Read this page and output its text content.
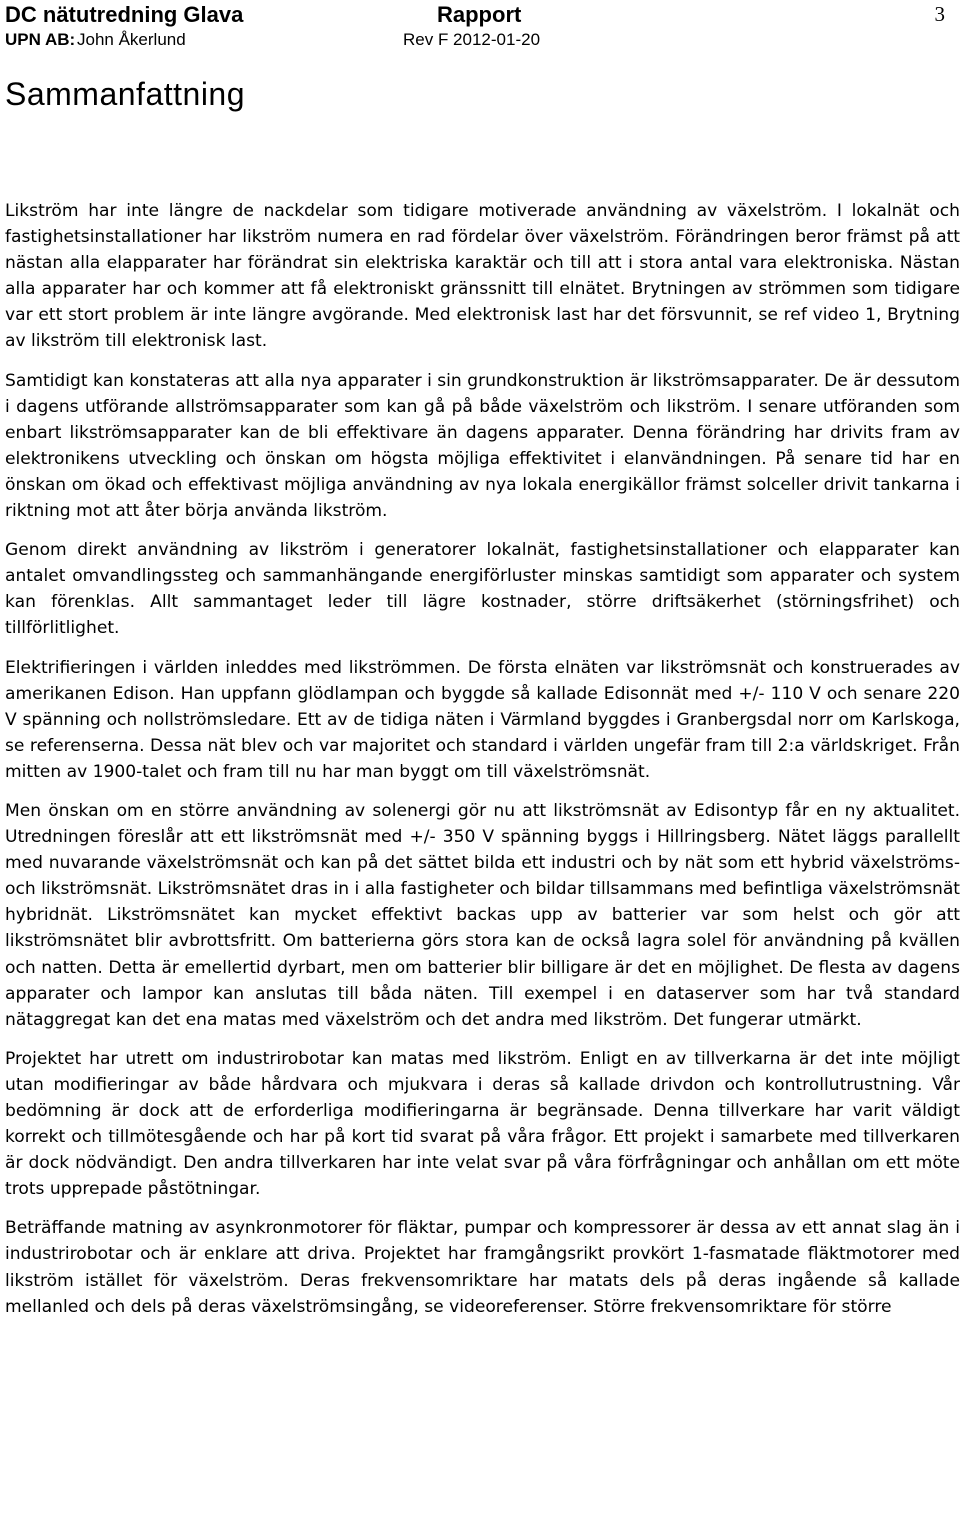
DC nätutredning Glava	Rapport	3
UPN AB: John Åkerlund	Rev F 2012-01-20
Sammanfattning

Likström har inte längre de nackdelar som tidigare motiverade användning av växelström. I lokalnät och fastighetsinstallationer har likström numera en rad fördelar över växelström. Förändringen beror främst på att nästan alla elapparater har förändrat sin elektriska karaktär och till att i stora antal vara elektroniska. Nästan alla apparater har och kommer att få elektroniskt gränssnitt till elnätet. Brytningen av strömmen som tidigare var ett stort problem är inte längre avgörande. Med elektronisk last har det försvunnit, se ref video 1, Brytning av likström till elektronisk last.

Samtidigt kan konstateras att alla nya apparater i sin grundkonstruktion är likströmsapparater. De är dessutom i dagens utförande allströmsapparater som kan gå på både växelström och likström. I senare utföranden som enbart likströmsapparater kan de bli effektivare än dagens apparater. Denna förändring har drivits fram av elektronikens utveckling och önskan om högsta möjliga effektivitet i elanvändningen. På senare tid har en önskan om ökad och effektivast möjliga användning av nya lokala energikällor främst solceller drivit tankarna i riktning mot att åter börja använda likström.

Genom direkt användning av likström i generatorer lokalnät, fastighetsinstallationer och elapparater kan antalet omvandlingssteg och sammanhängande energiförluster minskas samtidigt som apparater och system kan förenklas. Allt sammantaget leder till lägre kostnader, större driftsäkerhet (störningsfrihet) och tillförlitlighet.

Elektrifieringen i världen inleddes med likströmmen. De första elnäten var likströmsnät och konstruerades av amerikanen Edison. Han uppfann glödlampan och byggde så kallade Edisonnät med +/- 110 V och senare 220 V spänning och nollströmsledare. Ett av de tidiga näten i Värmland byggdes i Granbergsdal norr om Karlskoga, se referenserna. Dessa nät blev och var majoritet och standard i världen ungefär fram till 2:a världskriget. Från mitten av 1900-talet och fram till nu har man byggt om till växelströmsnät.

Men önskan om en större användning av solenergi gör nu att likströmsnät av Edisontyp får en ny aktualitet. Utredningen föreslår att ett likströmsnät med +/- 350 V spänning byggs i Hillringsberg. Nätet läggs parallellt med nuvarande växelströmsnät och kan på det sättet bilda ett industri och by nät som ett hybrid växelströms- och likströmsnät. Likströmsnätet dras in i alla fastigheter och bildar tillsammans med befintliga växelströmsnät hybridnät. Likströmsnätet kan mycket effektivt backas upp av batterier var som helst och gör att likströmsnätet blir avbrottsfritt. Om batterierna görs stora kan de också lagra solel för användning på kvällen och natten. Detta är emellertid dyrbart, men om batterier blir billigare är det en möjlighet. De flesta av dagens apparater och lampor kan anslutas till båda näten. Till exempel i en dataserver som har två standard nätaggregat kan det ena matas med växelström och det andra med likström. Det fungerar utmärkt.

Projektet har utrett om industrirobotar kan matas med likström. Enligt en av tillverkarna är det inte möjligt utan modifieringar av både hårdvara och mjukvara i deras så kallade drivdon och kontrollutrustning. Vår bedömning är dock att de erforderliga modifieringarna är begränsade. Denna tillverkare har varit väldigt korrekt och tillmötesgående och har på kort tid svarat på våra frågor. Ett projekt i samarbete med tillverkaren är dock nödvändigt. Den andra tillverkaren har inte velat svar på våra förfrågningar och anhållan om ett möte trots upprepade påstötningar.

Beträffande matning av asynkronmotorer för fläktar, pumpar och kompressorer är dessa av ett annat slag än i industrirobotar och är enklare att driva. Projektet har framgångsrikt provkört 1-fasmatade fläktmotorer med likström istället för växelström. Deras frekvensomriktare har matats dels på deras ingående så kallade mellanled och dels på deras växelströmsingång, se videoreferenser. Större frekvensomriktare för större
